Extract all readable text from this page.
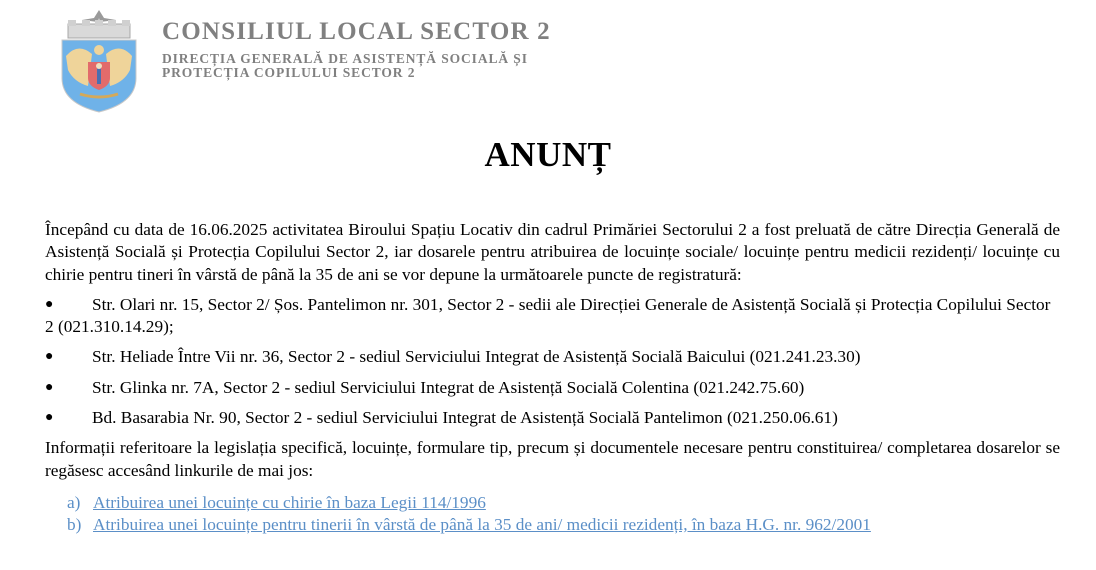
CONSILIUL LOCAL SECTOR 2
DIRECȚIA GENERALĂ DE ASISTENȚĂ SOCIALĂ ȘI
PROTECȚIA COPILULUI SECTOR 2
ANUNȚ

Începând cu data de 16.06.2025 activitatea Biroului Spațiu Locativ din cadrul Primăriei Sectorului 2 a fost preluată de către Direcția Generală de Asistență Socială și Protecția Copilului Sector 2, iar dosarele pentru atribuirea de locuințe sociale/ locuințe pentru medicii rezidenți/ locuințe cu chirie pentru tineri în vârstă de până la 35 de ani se vor depune la următoarele puncte de registratură:

● Str. Olari nr. 15, Sector 2/ Șos. Pantelimon nr. 301, Sector 2 - sedii ale Direcției Generale de Asistență Socială și Protecția Copilului Sector 2 (021.310.14.29);
● Str. Heliade Între Vii nr. 36, Sector 2 - sediul Serviciului Integrat de Asistență Socială Baicului (021.241.23.30)
● Str. Glinka nr. 7A, Sector 2 - sediul Serviciului Integrat de Asistență Socială Colentina (021.242.75.60)
● Bd. Basarabia Nr. 90, Sector 2 - sediul Serviciului Integrat de Asistență Socială Pantelimon (021.250.06.61)

Informații referitoare la legislația specifică, locuințe, formulare tip, precum și documentele necesare pentru constituirea/ completarea dosarelor se regăsesc accesând linkurile de mai jos:

a) Atribuirea unei locuințe cu chirie în baza Legii 114/1996
b) Atribuirea unei locuințe pentru tinerii în vârstă de până la 35 de ani/ medicii rezidenți, în baza H.G. nr. 962/2001
